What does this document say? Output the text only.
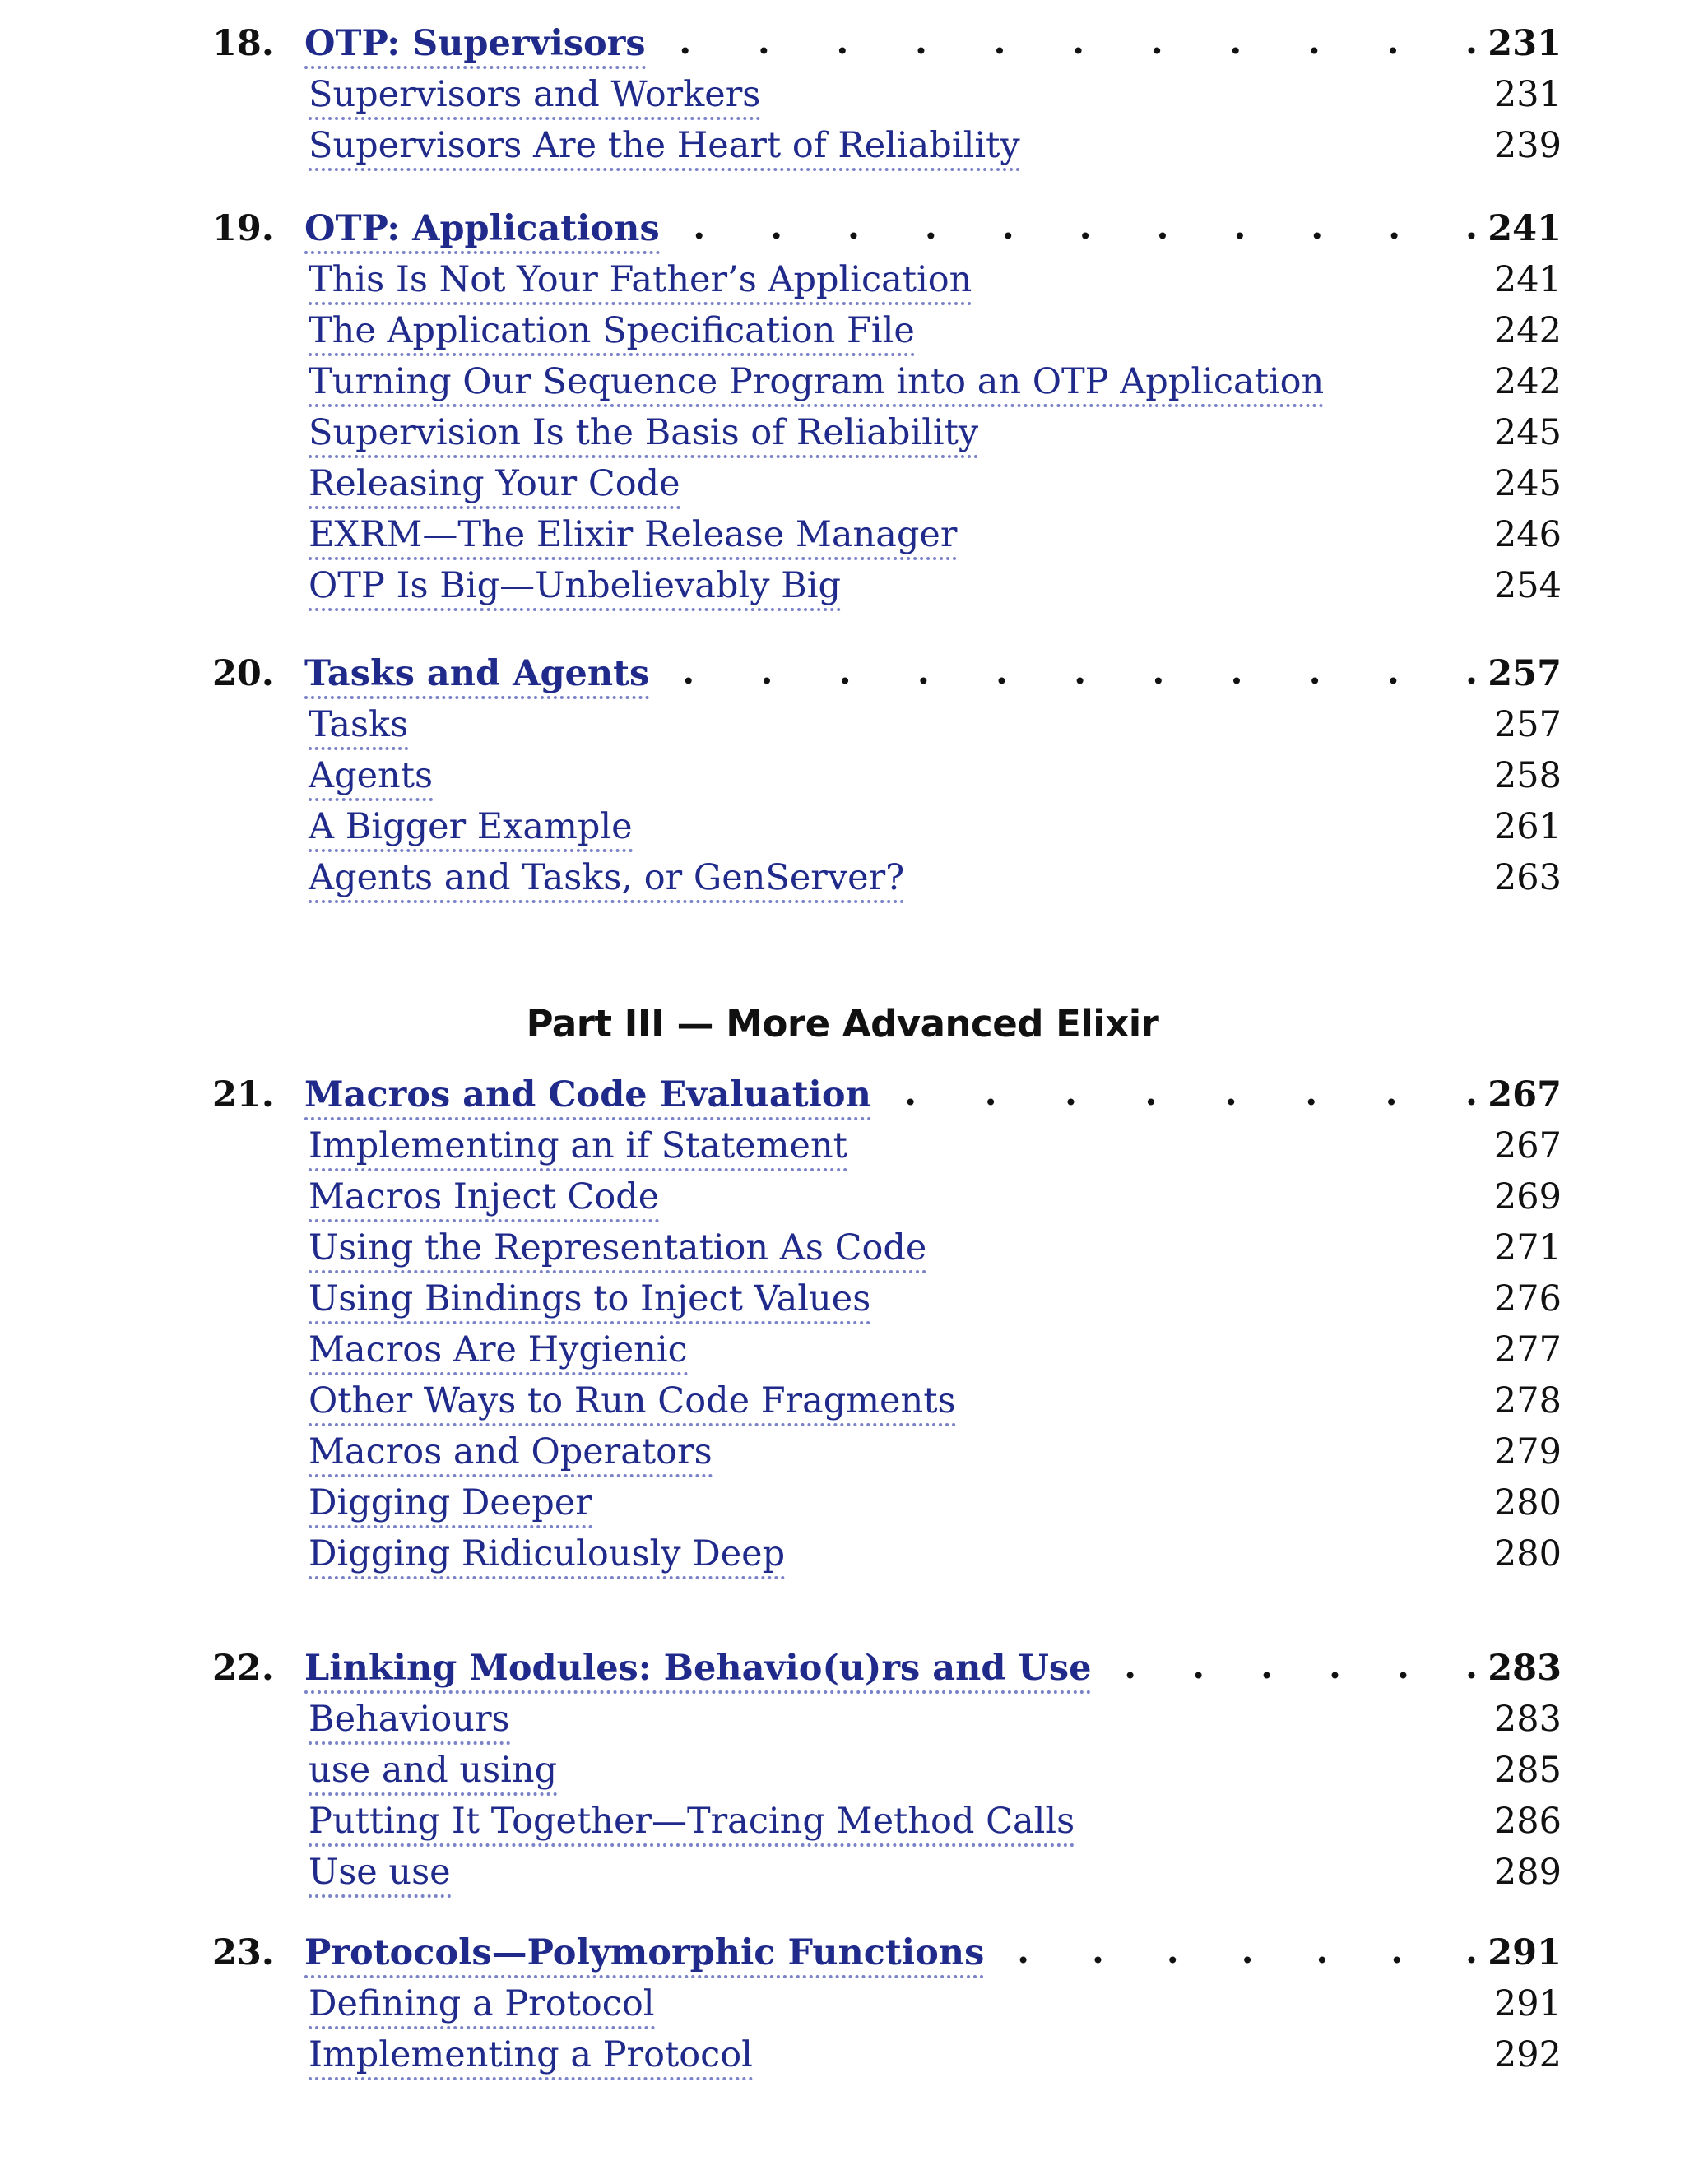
Part III — More Advanced Elixir
18. OTP: Supervisors . . . . . . . . . . . 231
Supervisors and Workers	231
Supervisors Are the Heart of Reliability	239
19. OTP: Applications . . . . . . . . . . . 241
This Is Not Your Father’s Application	241
The Application Specification File	242
Turning Our Sequence Program into an OTP Application	242
Supervision Is the Basis of Reliability	245
Releasing Your Code	245
EXRM—The Elixir Release Manager	246
OTP Is Big—Unbelievably Big	254
20. Tasks and Agents . . . . . . . . . . . 257
Tasks	257
Agents	258
A Bigger Example	261
Agents and Tasks, or GenServer?	263
21. Macros and Code Evaluation . . . . . . . . 267
Implementing an if Statement	267
Macros Inject Code	269
Using the Representation As Code	271
Using Bindings to Inject Values	276
Macros Are Hygienic	277
Other Ways to Run Code Fragments	278
Macros and Operators	279
Digging Deeper	280
Digging Ridiculously Deep	280
22. Linking Modules: Behavio(u)rs and Use . . . . . . 283
Behaviours	283
use and using	285
Putting It Together—Tracing Method Calls	286
Use use	289
23. Protocols—Polymorphic Functions . . . . . . . 291
Defining a Protocol	291
Implementing a Protocol	292
